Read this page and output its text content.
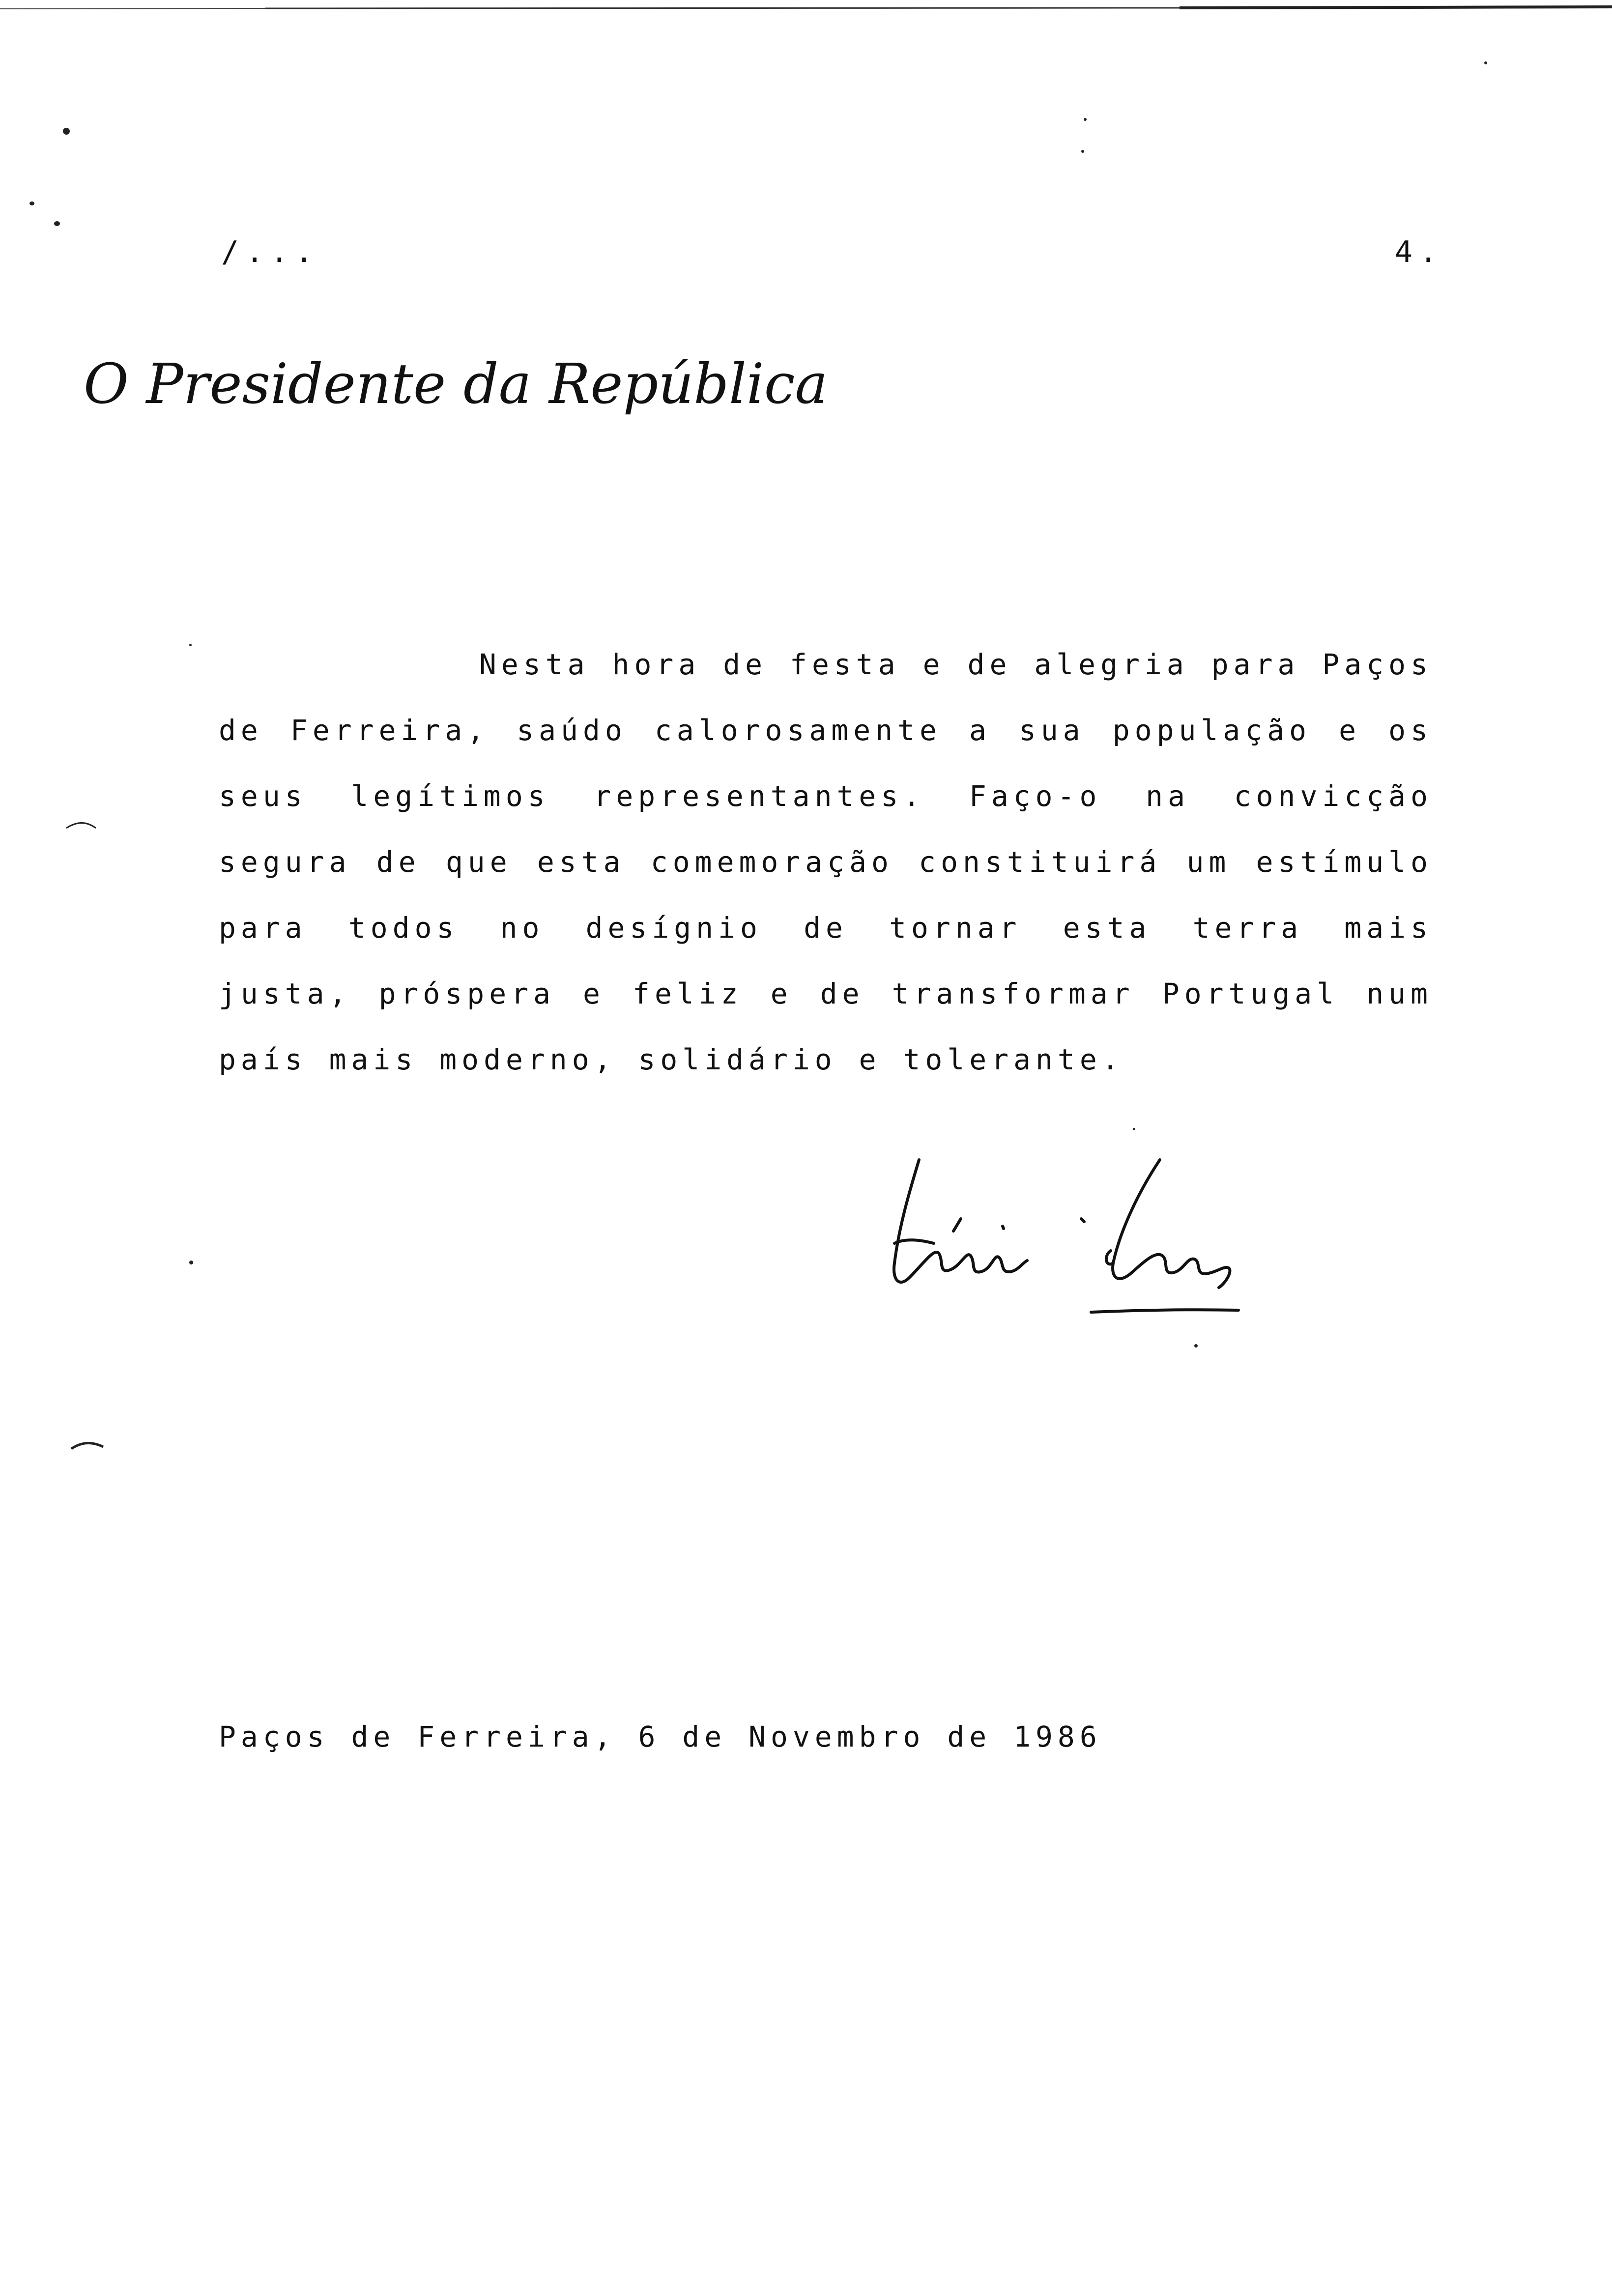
/...	4.
O Presidente da República

Nesta hora de festa e de alegria para Paços de Ferreira, saúdo calorosamente a sua população e os seus legítimos representantes. Faço-o na convicção segura de que esta comemoração constituirá um estímulo para todos no desígnio de tornar esta terra mais justa, próspera e feliz e de transformar Portugal num país mais moderno, solidário e tolerante.

Paços de Ferreira, 6 de Novembro de 1986
